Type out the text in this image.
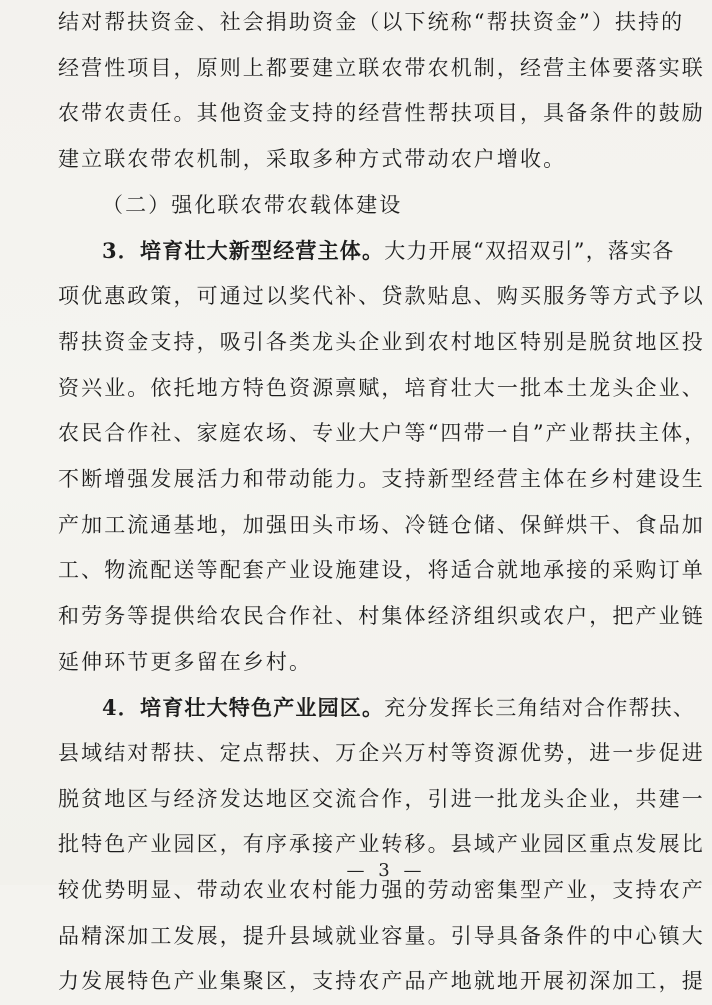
结对帮扶资金、社会捐助资金（以下统称“帮扶资金”）扶持的
经营性项目，原则上都要建立联农带农机制，经营主体要落实联
农带农责任。其他资金支持的经营性帮扶项目，具备条件的鼓励
建立联农带农机制，采取多种方式带动农户增收。
（二）强化联农带农载体建设
3．培育壮大新型经营主体。大力开展“双招双引”，落实各
项优惠政策，可通过以奖代补、贷款贴息、购买服务等方式予以
帮扶资金支持，吸引各类龙头企业到农村地区特别是脱贫地区投
资兴业。依托地方特色资源禀赋，培育壮大一批本土龙头企业、
农民合作社、家庭农场、专业大户等“四带一自”产业帮扶主体，
不断增强发展活力和带动能力。支持新型经营主体在乡村建设生
产加工流通基地，加强田头市场、冷链仓储、保鲜烘干、食品加
工、物流配送等配套产业设施建设，将适合就地承接的采购订单
和劳务等提供给农民合作社、村集体经济组织或农户，把产业链
延伸环节更多留在乡村。
4．培育壮大特色产业园区。充分发挥长三角结对合作帮扶、
县域结对帮扶、定点帮扶、万企兴万村等资源优势，进一步促进
脱贫地区与经济发达地区交流合作，引进一批龙头企业，共建一
批特色产业园区，有序承接产业转移。县域产业园区重点发展比
较优势明显、带动农业农村能力强的劳动密集型产业，支持农产
品精深加工发展，提升县域就业容量。引导具备条件的中心镇大
力发展特色产业集聚区，支持农产品产地就地开展初深加工，提
— 3 —
